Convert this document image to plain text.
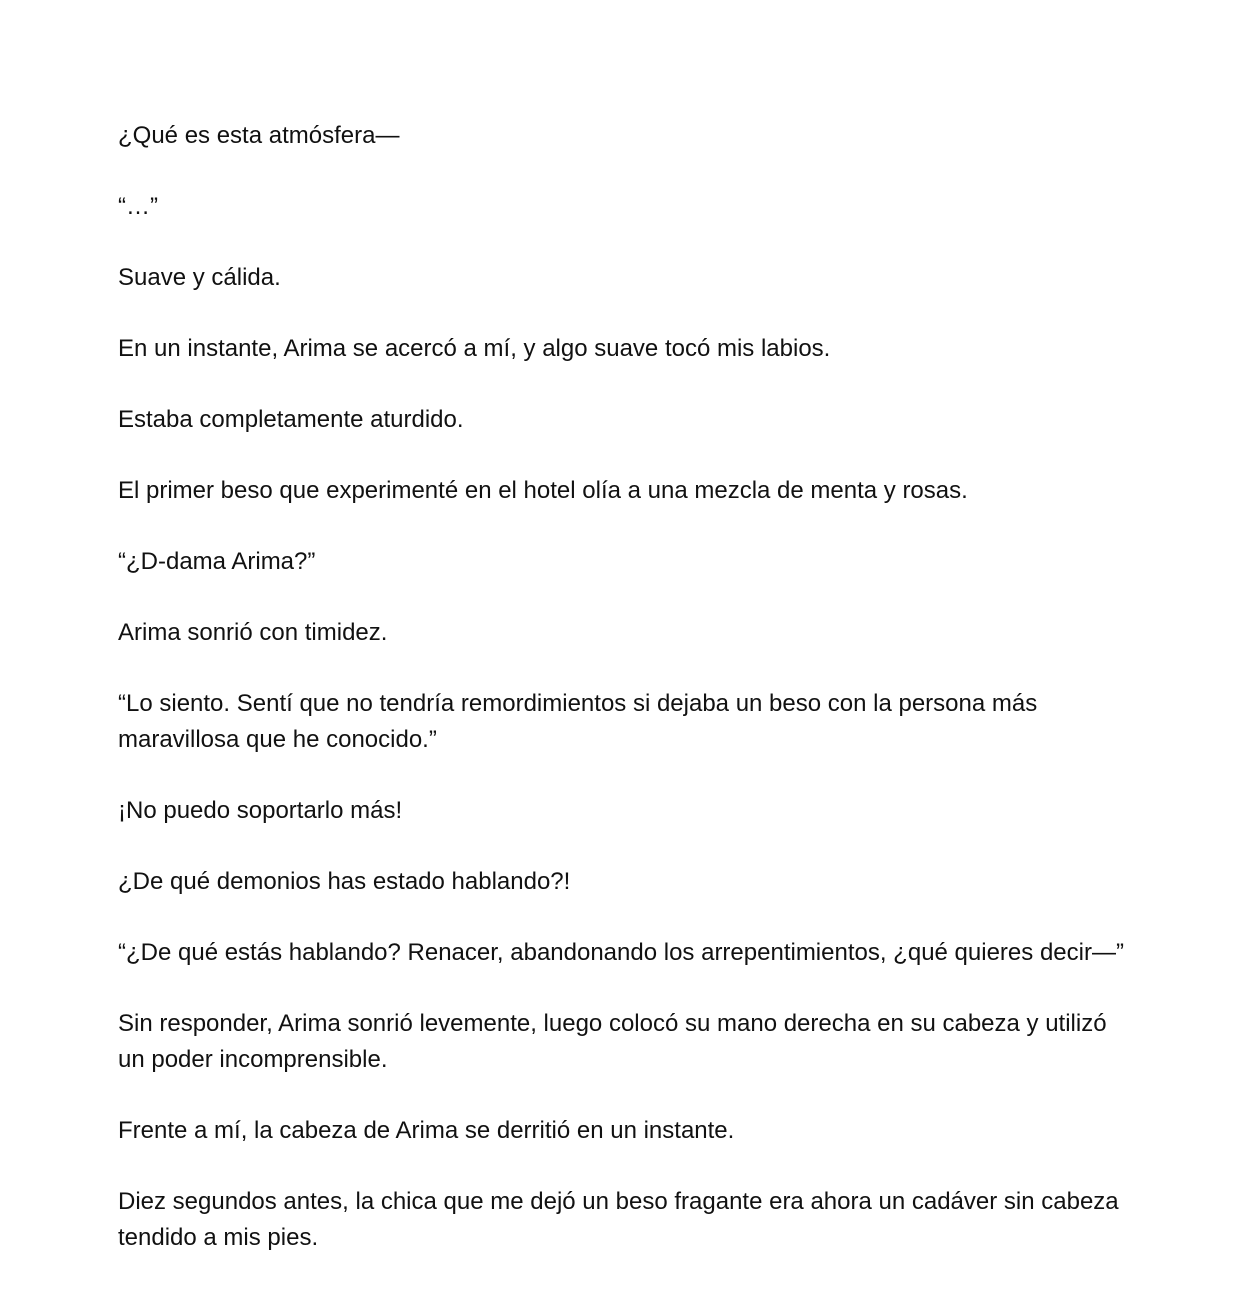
¿Qué es esta atmósfera—

“…”

Suave y cálida.

En un instante, Arima se acercó a mí, y algo suave tocó mis labios.

Estaba completamente aturdido.

El primer beso que experimenté en el hotel olía a una mezcla de menta y rosas.

“¿D-dama Arima?”

Arima sonrió con timidez.

“Lo siento. Sentí que no tendría remordimientos si dejaba un beso con la persona más maravillosa que he conocido.”

¡No puedo soportarlo más!

¿De qué demonios has estado hablando?!

“¿De qué estás hablando? Renacer, abandonando los arrepentimientos, ¿qué quieres decir—”

Sin responder, Arima sonrió levemente, luego colocó su mano derecha en su cabeza y utilizó un poder incomprensible.

Frente a mí, la cabeza de Arima se derritió en un instante.

Diez segundos antes, la chica que me dejó un beso fragante era ahora un cadáver sin cabeza tendido a mis pies.
